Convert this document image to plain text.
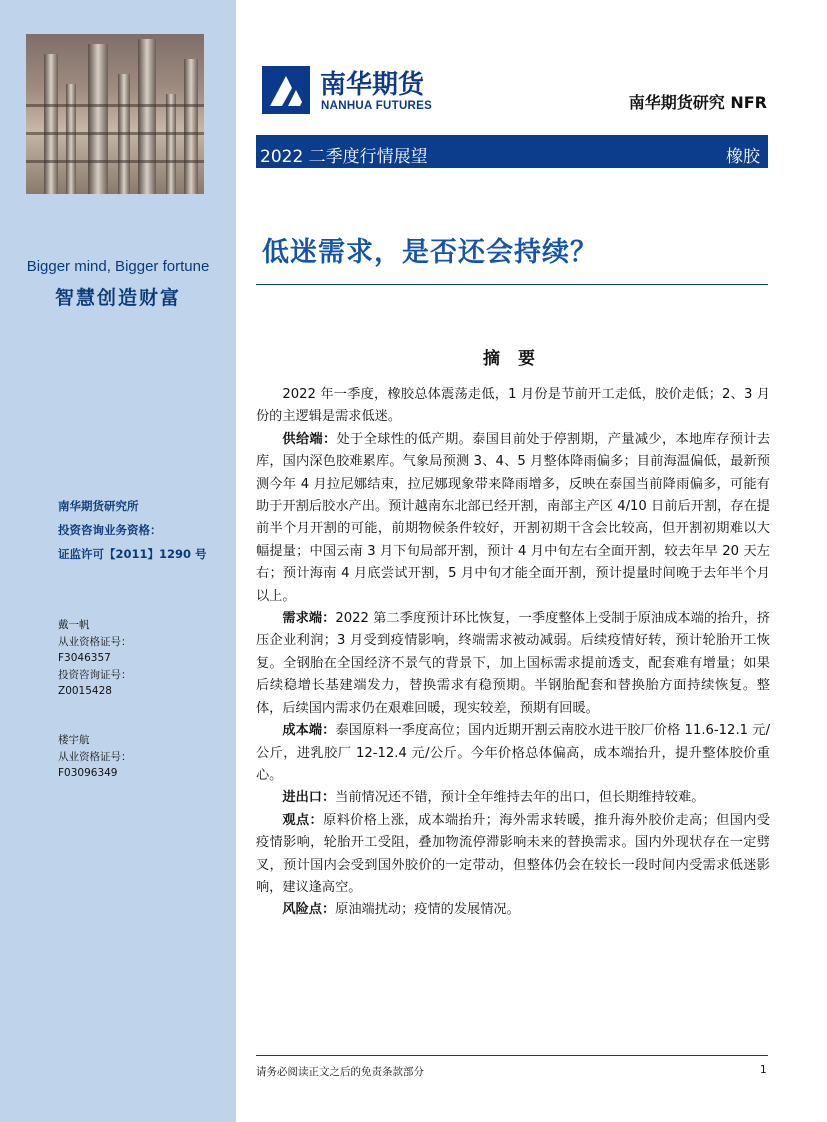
Bigger mind, Bigger fortune
智慧创造财富
南华期货研究所
投资咨询业务资格：
证监许可【2011】1290 号
戴一帆
从业资格证号：
F3046357
投资咨询证号：
Z0015428
楼宇航
从业资格证号：
F03096349
南华期货
NANHUA FUTURES	南华期货研究 NFR
2022 二季度行情展望	橡胶
低迷需求，是否还会持续？
摘 要

2022 年一季度，橡胶总体震荡走低，1 月份是节前开工走低，胶价走低；2、3 月份的主逻辑是需求低迷。

供给端：处于全球性的低产期。泰国目前处于停割期，产量减少，本地库存预计去库，国内深色胶难累库。气象局预测 3、4、5 月整体降雨偏多；目前海温偏低，最新预测今年 4 月拉尼娜结束，拉尼娜现象带来降雨增多，反映在泰国当前降雨偏多，可能有助于开割后胶水产出。预计越南东北部已经开割，南部主产区 4/10 日前后开割，存在提前半个月开割的可能，前期物候条件较好，开割初期干含会比较高，但开割初期难以大幅提量；中国云南 3 月下旬局部开割，预计 4 月中旬左右全面开割，较去年早 20 天左右；预计海南 4 月底尝试开割，5 月中旬才能全面开割，预计提量时间晚于去年半个月以上。

需求端：2022 第二季度预计环比恢复，一季度整体上受制于原油成本端的抬升，挤压企业利润；3 月受到疫情影响，终端需求被动减弱。后续疫情好转，预计轮胎开工恢复。全钢胎在全国经济不景气的背景下，加上国标需求提前透支，配套难有增量；如果后续稳增长基建端发力，替换需求有稳预期。半钢胎配套和替换胎方面持续恢复。整体，后续国内需求仍在艰难回暖，现实较差，预期有回暖。

成本端：泰国原料一季度高位；国内近期开割云南胶水进干胶厂价格 11.6-12.1 元/公斤，进乳胶厂 12-12.4 元/公斤。今年价格总体偏高，成本端抬升，提升整体胶价重心。

进出口：当前情况还不错，预计全年维持去年的出口，但长期维持较难。

观点：原料价格上涨，成本端抬升；海外需求转暖，推升海外胶价走高；但国内受疫情影响，轮胎开工受阻，叠加物流停滞影响未来的替换需求。国内外现状存在一定劈叉，预计国内会受到国外胶价的一定带动，但整体仍会在较长一段时间内受需求低迷影响，建议逢高空。

风险点：原油端扰动；疫情的发展情况。

请务必阅读正文之后的免责条款部分	1
